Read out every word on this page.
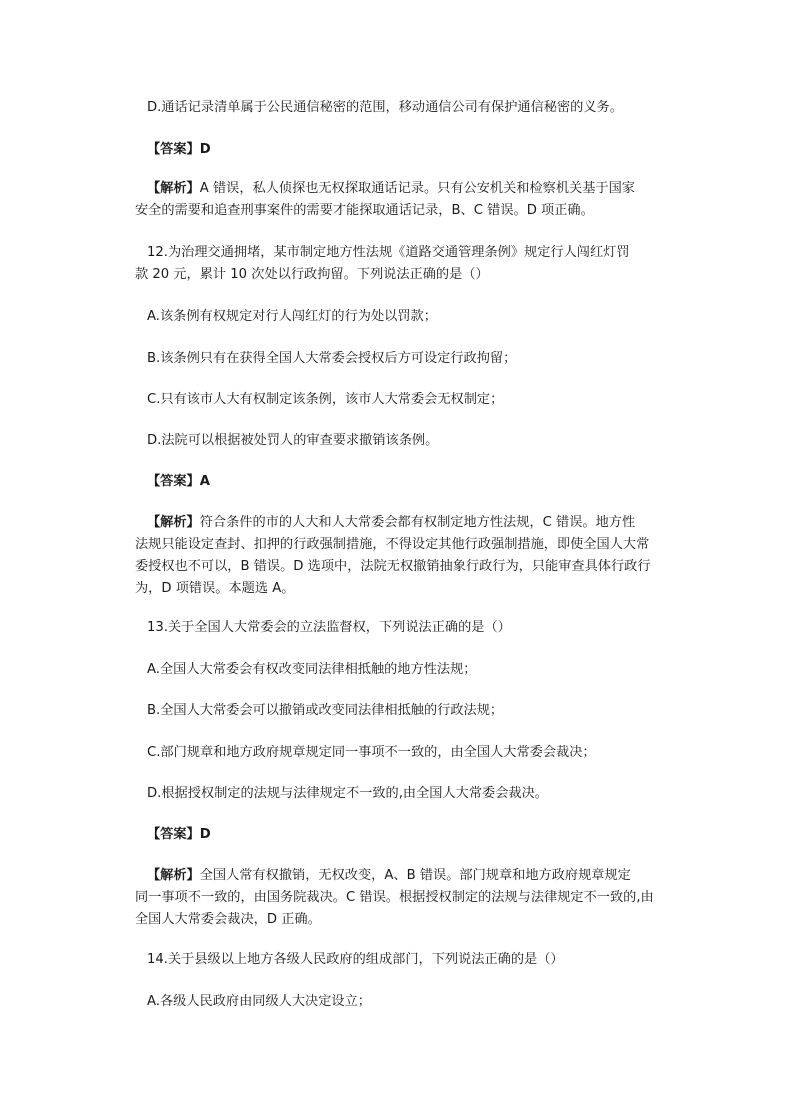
D.通话记录清单属于公民通信秘密的范围，移动通信公司有保护通信秘密的义务。

【答案】D

【解析】A 错误，私人侦探也无权探取通话记录。只有公安机关和检察机关基于国家
安全的需要和追查刑事案件的需要才能探取通话记录，B、C 错误。D 项正确。
12.为治理交通拥堵，某市制定地方性法规《道路交通管理条例》规定行人闯红灯罚
款 20 元，累计 10 次处以行政拘留。下列说法正确的是（）

A.该条例有权规定对行人闯红灯的行为处以罚款；

B.该条例只有在获得全国人大常委会授权后方可设定行政拘留；

C.只有该市人大有权制定该条例，该市人大常委会无权制定；

D.法院可以根据被处罚人的审查要求撤销该条例。

【答案】A

【解析】符合条件的市的人大和人大常委会都有权制定地方性法规，C 错误。地方性
法规只能设定查封、扣押的行政强制措施，不得设定其他行政强制措施，即使全国人大常
委授权也不可以，B 错误。D 选项中，法院无权撤销抽象行政行为，只能审查具体行政行
为，D 项错误。本题选 A。

13.关于全国人大常委会的立法监督权，下列说法正确的是（）

A.全国人大常委会有权改变同法律相抵触的地方性法规；

B.全国人大常委会可以撤销或改变同法律相抵触的行政法规；

C.部门规章和地方政府规章规定同一事项不一致的，由全国人大常委会裁决；

D.根据授权制定的法规与法律规定不一致的,由全国人大常委会裁决。

【答案】D

【解析】全国人常有权撤销，无权改变，A、B 错误。部门规章和地方政府规章规定
同一事项不一致的，由国务院裁决。C 错误。根据授权制定的法规与法律规定不一致的,由
全国人大常委会裁决，D 正确。

14.关于县级以上地方各级人民政府的组成部门，下列说法正确的是（）

A.各级人民政府由同级人大决定设立；
